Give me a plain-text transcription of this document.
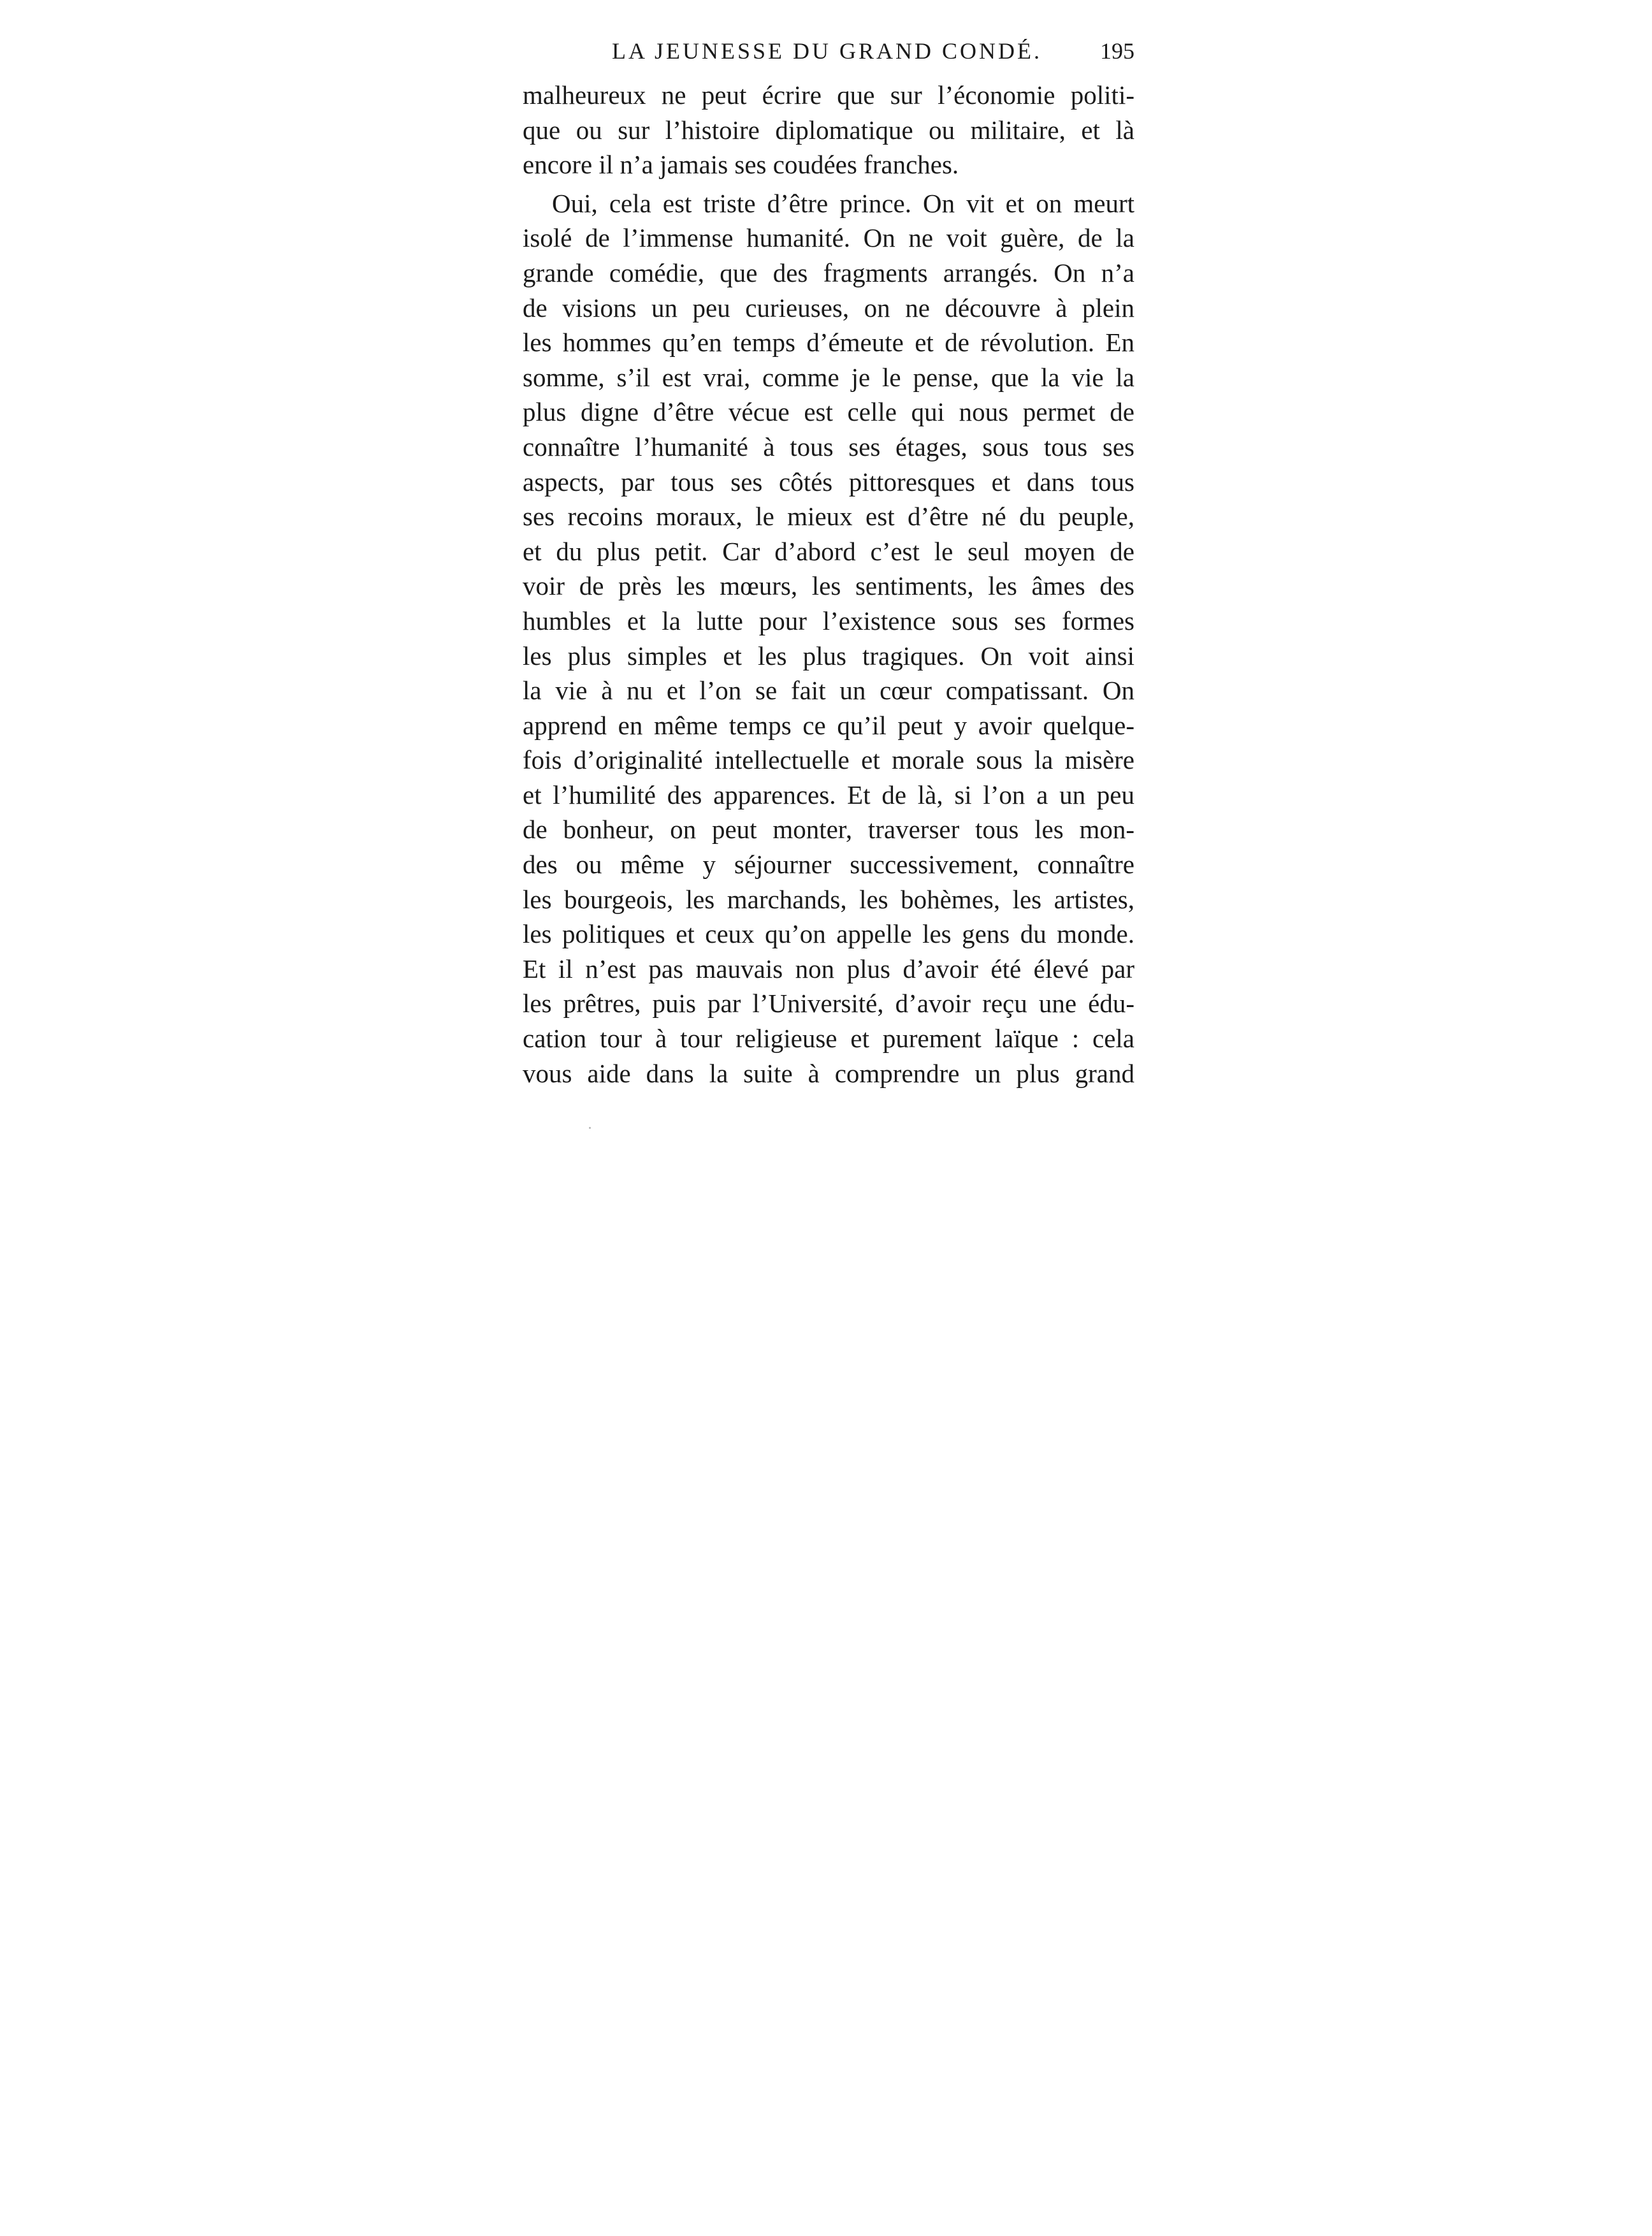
LA JEUNESSE DU GRAND CONDÉ.	195
malheureux ne peut écrire que sur l’économie politi-
que ou sur l’histoire diplomatique ou militaire, et là
encore il n’a jamais ses coudées franches.
Oui, cela est triste d’être prince. On vit et on meurt
isolé de l’immense humanité. On ne voit guère, de la
grande comédie, que des fragments arrangés. On n’a
de visions un peu curieuses, on ne découvre à plein
les hommes qu’en temps d’émeute et de révolution. En
somme, s’il est vrai, comme je le pense, que la vie la
plus digne d’être vécue est celle qui nous permet de
connaître l’humanité à tous ses étages, sous tous ses
aspects, par tous ses côtés pittoresques et dans tous
ses recoins moraux, le mieux est d’être né du peuple,
et du plus petit. Car d’abord c’est le seul moyen de
voir de près les mœurs, les sentiments, les âmes des
humbles et la lutte pour l’existence sous ses formes
les plus simples et les plus tragiques. On voit ainsi
la vie à nu et l’on se fait un cœur compatissant. On
apprend en même temps ce qu’il peut y avoir quelque-
fois d’originalité intellectuelle et morale sous la misère
et l’humilité des apparences. Et de là, si l’on a un peu
de bonheur, on peut monter, traverser tous les mon-
des ou même y séjourner successivement, connaître
les bourgeois, les marchands, les bohèmes, les artistes,
les politiques et ceux qu’on appelle les gens du monde.
Et il n’est pas mauvais non plus d’avoir été élevé par
les prêtres, puis par l’Université, d’avoir reçu une édu-
cation tour à tour religieuse et purement laïque : cela
vous aide dans la suite à comprendre un plus grand
